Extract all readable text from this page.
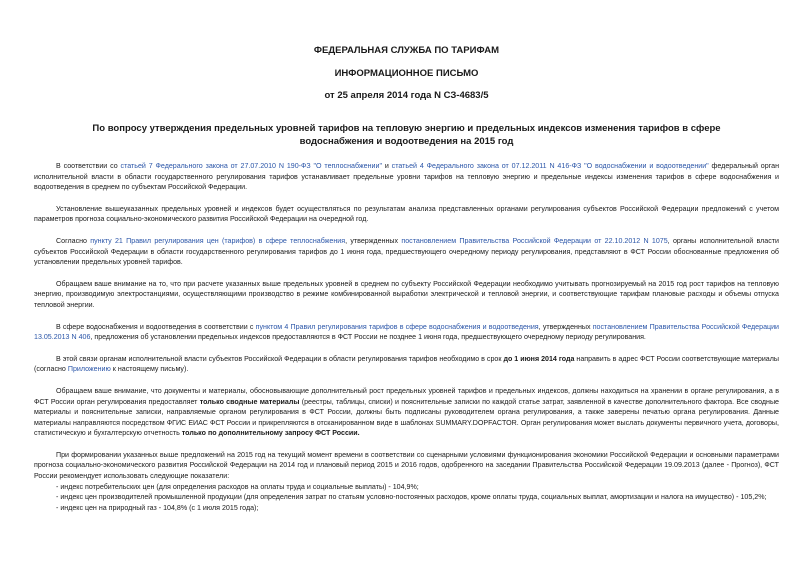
ФЕДЕРАЛЬНАЯ СЛУЖБА ПО ТАРИФАМ
ИНФОРМАЦИОННОЕ ПИСЬМО
от 25 апреля 2014 года N СЗ-4683/5
По вопросу утверждения предельных уровней тарифов на тепловую энергию и предельных индексов изменения тарифов в сфере водоснабжения и водоотведения на 2015 год

В соответствии со статьей 7 Федерального закона от 27.07.2010 N 190-ФЗ "О теплоснабжении" и статьей 4 Федерального закона от 07.12.2011 N 416-ФЗ "О водоснабжении и водоотведении" федеральный орган исполнительной власти в области государственного регулирования тарифов устанавливает предельные уровни тарифов на тепловую энергию и предельные индексы изменения тарифов в сфере водоснабжения и водоотведения в среднем по субъектам Российской Федерации.

Установление вышеуказанных предельных уровней и индексов будет осуществляться по результатам анализа представленных органами регулирования субъектов Российской Федерации предложений с учетом параметров прогноза социально-экономического развития Российской Федерации на очередной год.

Согласно пункту 21 Правил регулирования цен (тарифов) в сфере теплоснабжения, утвержденных постановлением Правительства Российской Федерации от 22.10.2012 N 1075, органы исполнительной власти субъектов Российской Федерации в области государственного регулирования тарифов до 1 июня года, предшествующего очередному периоду регулирования, представляют в ФСТ России обоснованные предложения об установлении предельных уровней тарифов.

Обращаем ваше внимание на то, что при расчете указанных выше предельных уровней в среднем по субъекту Российской Федерации необходимо учитывать прогнозируемый на 2015 год рост тарифов на тепловую энергию, производимую электростанциями, осуществляющими производство в режиме комбинированной выработки электрической и тепловой энергии, и соответствующие тарифам плановые расходы и объемы отпуска тепловой энергии.

В сфере водоснабжения и водоотведения в соответствии с пунктом 4 Правил регулирования тарифов в сфере водоснабжения и водоотведения, утвержденных постановлением Правительства Российской Федерации 13.05.2013 N 406, предложения об установлении предельных индексов предоставляются в ФСТ России не позднее 1 июня года, предшествующего очередному периоду регулирования.

В этой связи органам исполнительной власти субъектов Российской Федерации в области регулирования тарифов необходимо в срок до 1 июня 2014 года направить в адрес ФСТ России соответствующие материалы (согласно Приложению к настоящему письму).

Обращаем ваше внимание, что документы и материалы, обосновывающие дополнительный рост предельных уровней тарифов и предельных индексов, должны находиться на хранении в органе регулирования, а в ФСТ России орган регулирования предоставляет только сводные материалы (реестры, таблицы, списки) и пояснительные записки по каждой статье затрат, заявленной в качестве дополнительного фактора. Все сводные материалы и пояснительные записки, направляемые органом регулирования в ФСТ России, должны быть подписаны руководителем органа регулирования, а также заверены печатью органа регулирования. Данные материалы направляются посредством ФГИС ЕИАС ФСТ России и прикрепляются в отсканированном виде в шаблонах SUMMARY.DOPFACTOR. Орган регулирования может выслать документы первичного учета, договоры, статистическую и бухгалтерскую отчетность только по дополнительному запросу ФСТ России.

При формировании указанных выше предложений на 2015 год на текущий момент времени в соответствии со сценарными условиями функционирования экономики Российской Федерации и основными параметрами прогноза социально-экономического развития Российской Федерации на 2014 год и плановый период 2015 и 2016 годов, одобренного на заседании Правительства Российской Федерации 19.09.2013 (далее - Прогноз), ФСТ России рекомендует использовать следующие показатели:

- индекс потребительских цен (для определения расходов на оплаты труда и социальные выплаты) - 104,9%;

- индекс цен производителей промышленной продукции (для определения затрат по статьям условно-постоянных расходов, кроме оплаты труда, социальных выплат, амортизации и налога на имущество) - 105,2%;

- индекс цен на природный газ - 104,8% (с 1 июля 2015 года);
